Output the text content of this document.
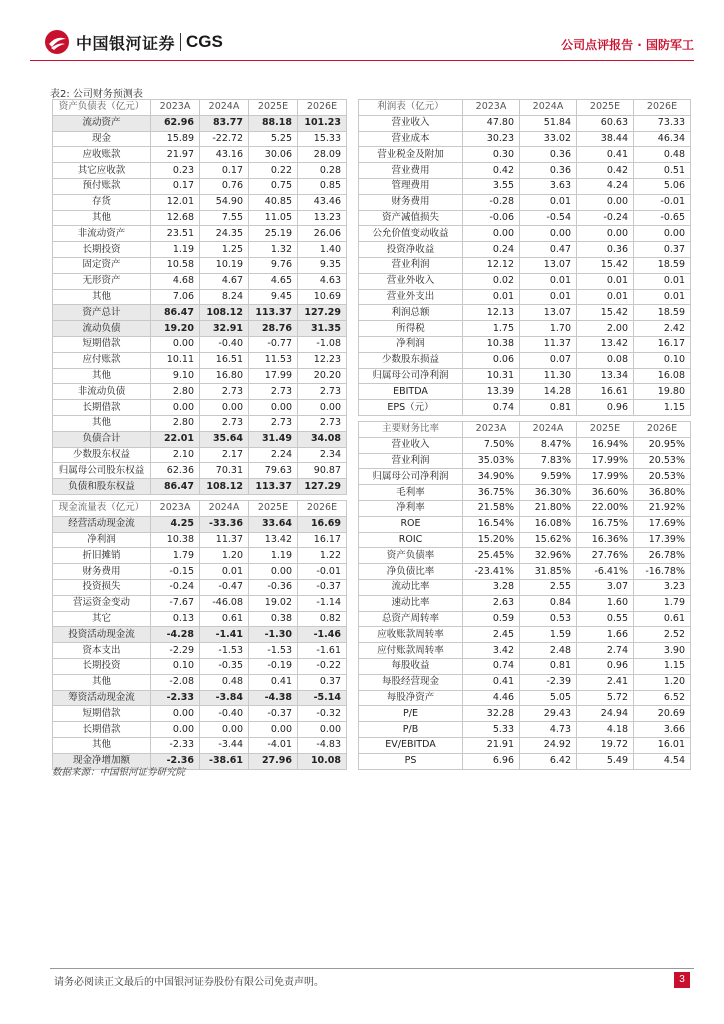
中国银河证券 CGS	公司点评报告 · 国防军工
表2: 公司财务预测表
资产负债表（亿元）	2023A	2024A	2025E	2026E
流动资产	62.96	83.77	88.18	101.23
现金	15.89	-22.72	5.25	15.33
应收账款	21.97	43.16	30.06	28.09
其它应收款	0.23	0.17	0.22	0.28
预付账款	0.17	0.76	0.75	0.85
存货	12.01	54.90	40.85	43.46
其他	12.68	7.55	11.05	13.23
非流动资产	23.51	24.35	25.19	26.06
长期投资	1.19	1.25	1.32	1.40
固定资产	10.58	10.19	9.76	9.35
无形资产	4.68	4.67	4.65	4.63
其他	7.06	8.24	9.45	10.69
资产总计	86.47	108.12	113.37	127.29
流动负债	19.20	32.91	28.76	31.35
短期借款	0.00	-0.40	-0.77	-1.08
应付账款	10.11	16.51	11.53	12.23
其他	9.10	16.80	17.99	20.20
非流动负债	2.80	2.73	2.73	2.73
长期借款	0.00	0.00	0.00	0.00
其他	2.80	2.73	2.73	2.73
负债合计	22.01	35.64	31.49	34.08
少数股东权益	2.10	2.17	2.24	2.34
归属母公司股东权益	62.36	70.31	79.63	90.87
负债和股东权益	86.47	108.12	113.37	127.29
利润表（亿元）	2023A	2024A	2025E	2026E
营业收入	47.80	51.84	60.63	73.33
营业成本	30.23	33.02	38.44	46.34
营业税金及附加	0.30	0.36	0.41	0.48
营业费用	0.42	0.36	0.42	0.51
管理费用	3.55	3.63	4.24	5.06
财务费用	-0.28	0.01	0.00	-0.01
资产减值损失	-0.06	-0.54	-0.24	-0.65
公允价值变动收益	0.00	0.00	0.00	0.00
投资净收益	0.24	0.47	0.36	0.37
营业利润	12.12	13.07	15.42	18.59
营业外收入	0.02	0.01	0.01	0.01
营业外支出	0.01	0.01	0.01	0.01
利润总额	12.13	13.07	15.42	18.59
所得税	1.75	1.70	2.00	2.42
净利润	10.38	11.37	13.42	16.17
少数股东损益	0.06	0.07	0.08	0.10
归属母公司净利润	10.31	11.30	13.34	16.08
EBITDA	13.39	14.28	16.61	19.80
EPS（元）	0.74	0.81	0.96	1.15
主要财务比率	2023A	2024A	2025E	2026E
营业收入	7.50%	8.47%	16.94%	20.95%
营业利润	35.03%	7.83%	17.99%	20.53%
归属母公司净利润	34.90%	9.59%	17.99%	20.53%
毛利率	36.75%	36.30%	36.60%	36.80%
净利率	21.58%	21.80%	22.00%	21.92%
ROE	16.54%	16.08%	16.75%	17.69%
ROIC	15.20%	15.62%	16.36%	17.39%
资产负债率	25.45%	32.96%	27.76%	26.78%
净负债比率	-23.41%	31.85%	-6.41%	-16.78%
流动比率	3.28	2.55	3.07	3.23
速动比率	2.63	0.84	1.60	1.79
总资产周转率	0.59	0.53	0.55	0.61
应收账款周转率	2.45	1.59	1.66	2.52
应付账款周转率	3.42	2.48	2.74	3.90
每股收益	0.74	0.81	0.96	1.15
每股经营现金	0.41	-2.39	2.41	1.20
每股净资产	4.46	5.05	5.72	6.52
P/E	32.28	29.43	24.94	20.69
P/B	5.33	4.73	4.18	3.66
EV/EBITDA	21.91	24.92	19.72	16.01
PS	6.96	6.42	5.49	4.54
现金流量表（亿元）	2023A	2024A	2025E	2026E
经营活动现金流	4.25	-33.36	33.64	16.69
净利润	10.38	11.37	13.42	16.17
折旧摊销	1.79	1.20	1.19	1.22
财务费用	-0.15	0.01	0.00	-0.01
投资损失	-0.24	-0.47	-0.36	-0.37
营运资金变动	-7.67	-46.08	19.02	-1.14
其它	0.13	0.61	0.38	0.82
投资活动现金流	-4.28	-1.41	-1.30	-1.46
资本支出	-2.29	-1.53	-1.53	-1.61
长期投资	0.10	-0.35	-0.19	-0.22
其他	-2.08	0.48	0.41	0.37
筹资活动现金流	-2.33	-3.84	-4.38	-5.14
短期借款	0.00	-0.40	-0.37	-0.32
长期借款	0.00	0.00	0.00	0.00
其他	-2.33	-3.44	-4.01	-4.83
现金净增加额	-2.36	-38.61	27.96	10.08
数据来源：中国银河证券研究院
请务必阅读正文最后的中国银河证券股份有限公司免责声明。	3
